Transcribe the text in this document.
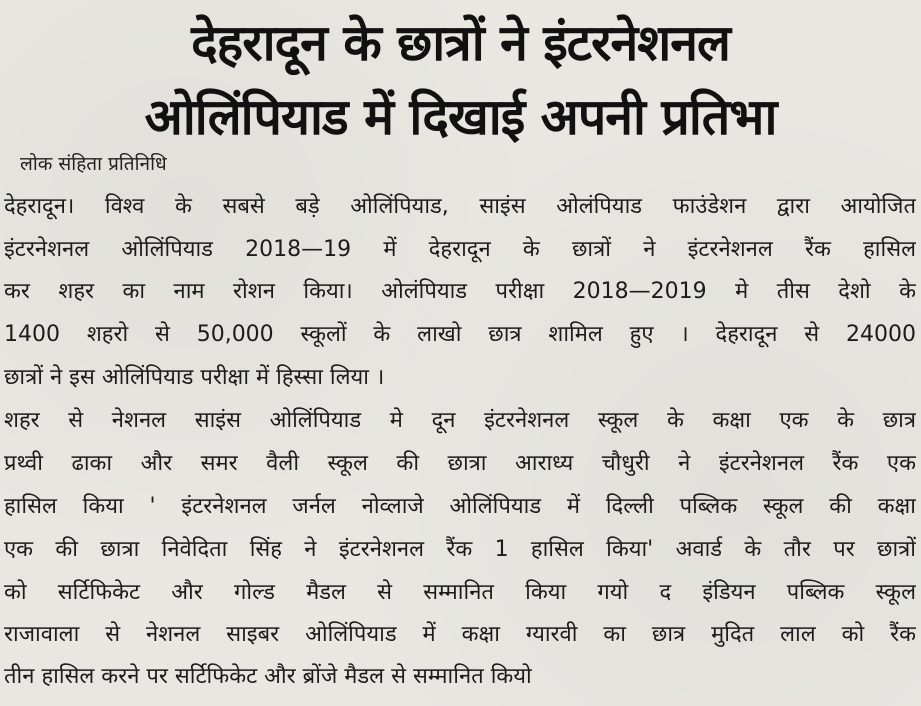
देहरादून के छात्रों ने इंटरनेशनल
ओलिंपियाड में दिखाई अपनी प्रतिभा
लोक संहिता प्रतिनिधि
देहरादून। विश्व के सबसे बड़े ओलिंपियाड, साइंस ओलंपियाड फाउंडेशन द्वारा आयोजित
इंटरनेशनल ओलिंपियाड 2018—19 में देहरादून के छात्रों ने इंटरनेशनल रैंक हासिल
कर शहर का नाम रोशन किया। ओलंपियाड परीक्षा 2018—2019 मे तीस देशो के
1400 शहरो से 50,000 स्कूलों के लाखो छात्र शामिल हुए । देहरादून से 24000
छात्रों ने इस ओलिंपियाड परीक्षा में हिस्सा लिया ।
शहर से नेशनल साइंस ओलिंपियाड मे दून इंटरनेशनल स्कूल के कक्षा एक के छात्र
प्रथ्वी ढाका और समर वैली स्कूल की छात्रा आराध्य चौधुरी ने इंटरनेशनल रैंक एक
हासिल किया ' इंटरनेशनल जर्नल नोव्लाजे ओलिंपियाड में दिल्ली पब्लिक स्कूल की कक्षा
एक की छात्रा निवेदिता सिंह ने इंटरनेशनल रैंक 1 हासिल किया' अवार्ड के तौर पर छात्रों
को सर्टिफिकेट और गोल्ड मैडल से सम्मानित किया गयो द इंडियन पब्लिक स्कूल
राजावाला से नेशनल साइबर ओलिंपियाड में कक्षा ग्यारवी का छात्र मुदित लाल को रैंक
तीन हासिल करने पर सर्टिफिकेट और ब्रोंजे मैडल से सम्मानित कियो
